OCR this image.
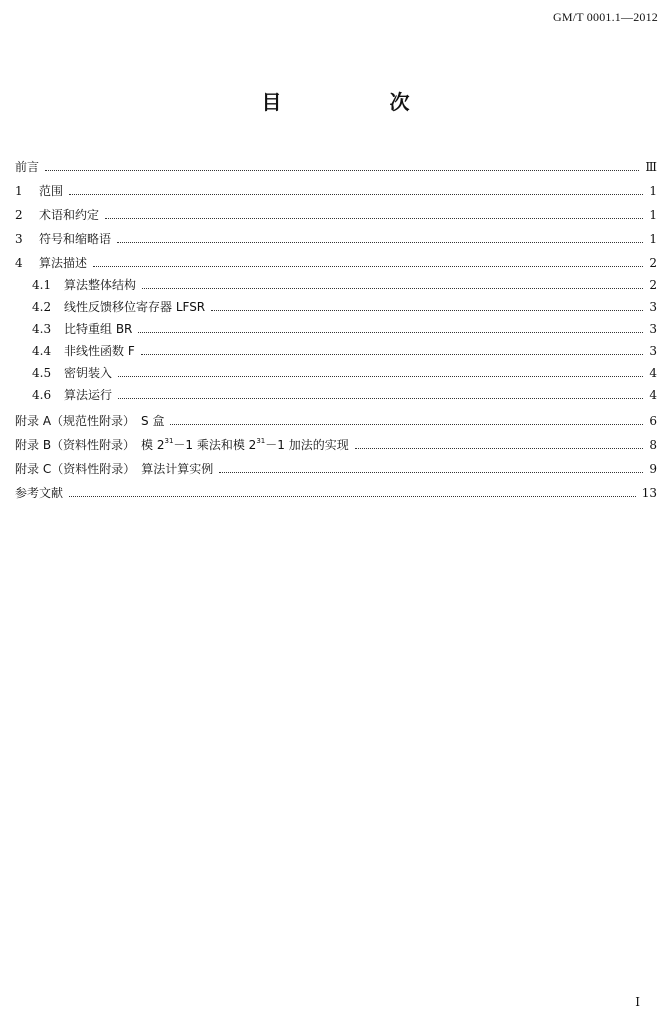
GM/T 0001.1—2012
目　次
前言	Ⅲ
1	范围	1
2	术语和约定	1
3	符号和缩略语	1
4	算法描述	2
4.1	算法整体结构	2
4.2	线性反馈移位寄存器 LFSR	3
4.3	比特重组 BR	3
4.4	非线性函数 F	3
4.5	密钥装入	4
4.6	算法运行	4
附录 A（规范性附录）　S 盒	6
附录 B（资料性附录）　模 $2^{31}-1$ 乘法和模 $2^{31}-1$ 加法的实现	8
附录 C（资料性附录）　算法计算实例	9
参考文献	13
Ⅰ
